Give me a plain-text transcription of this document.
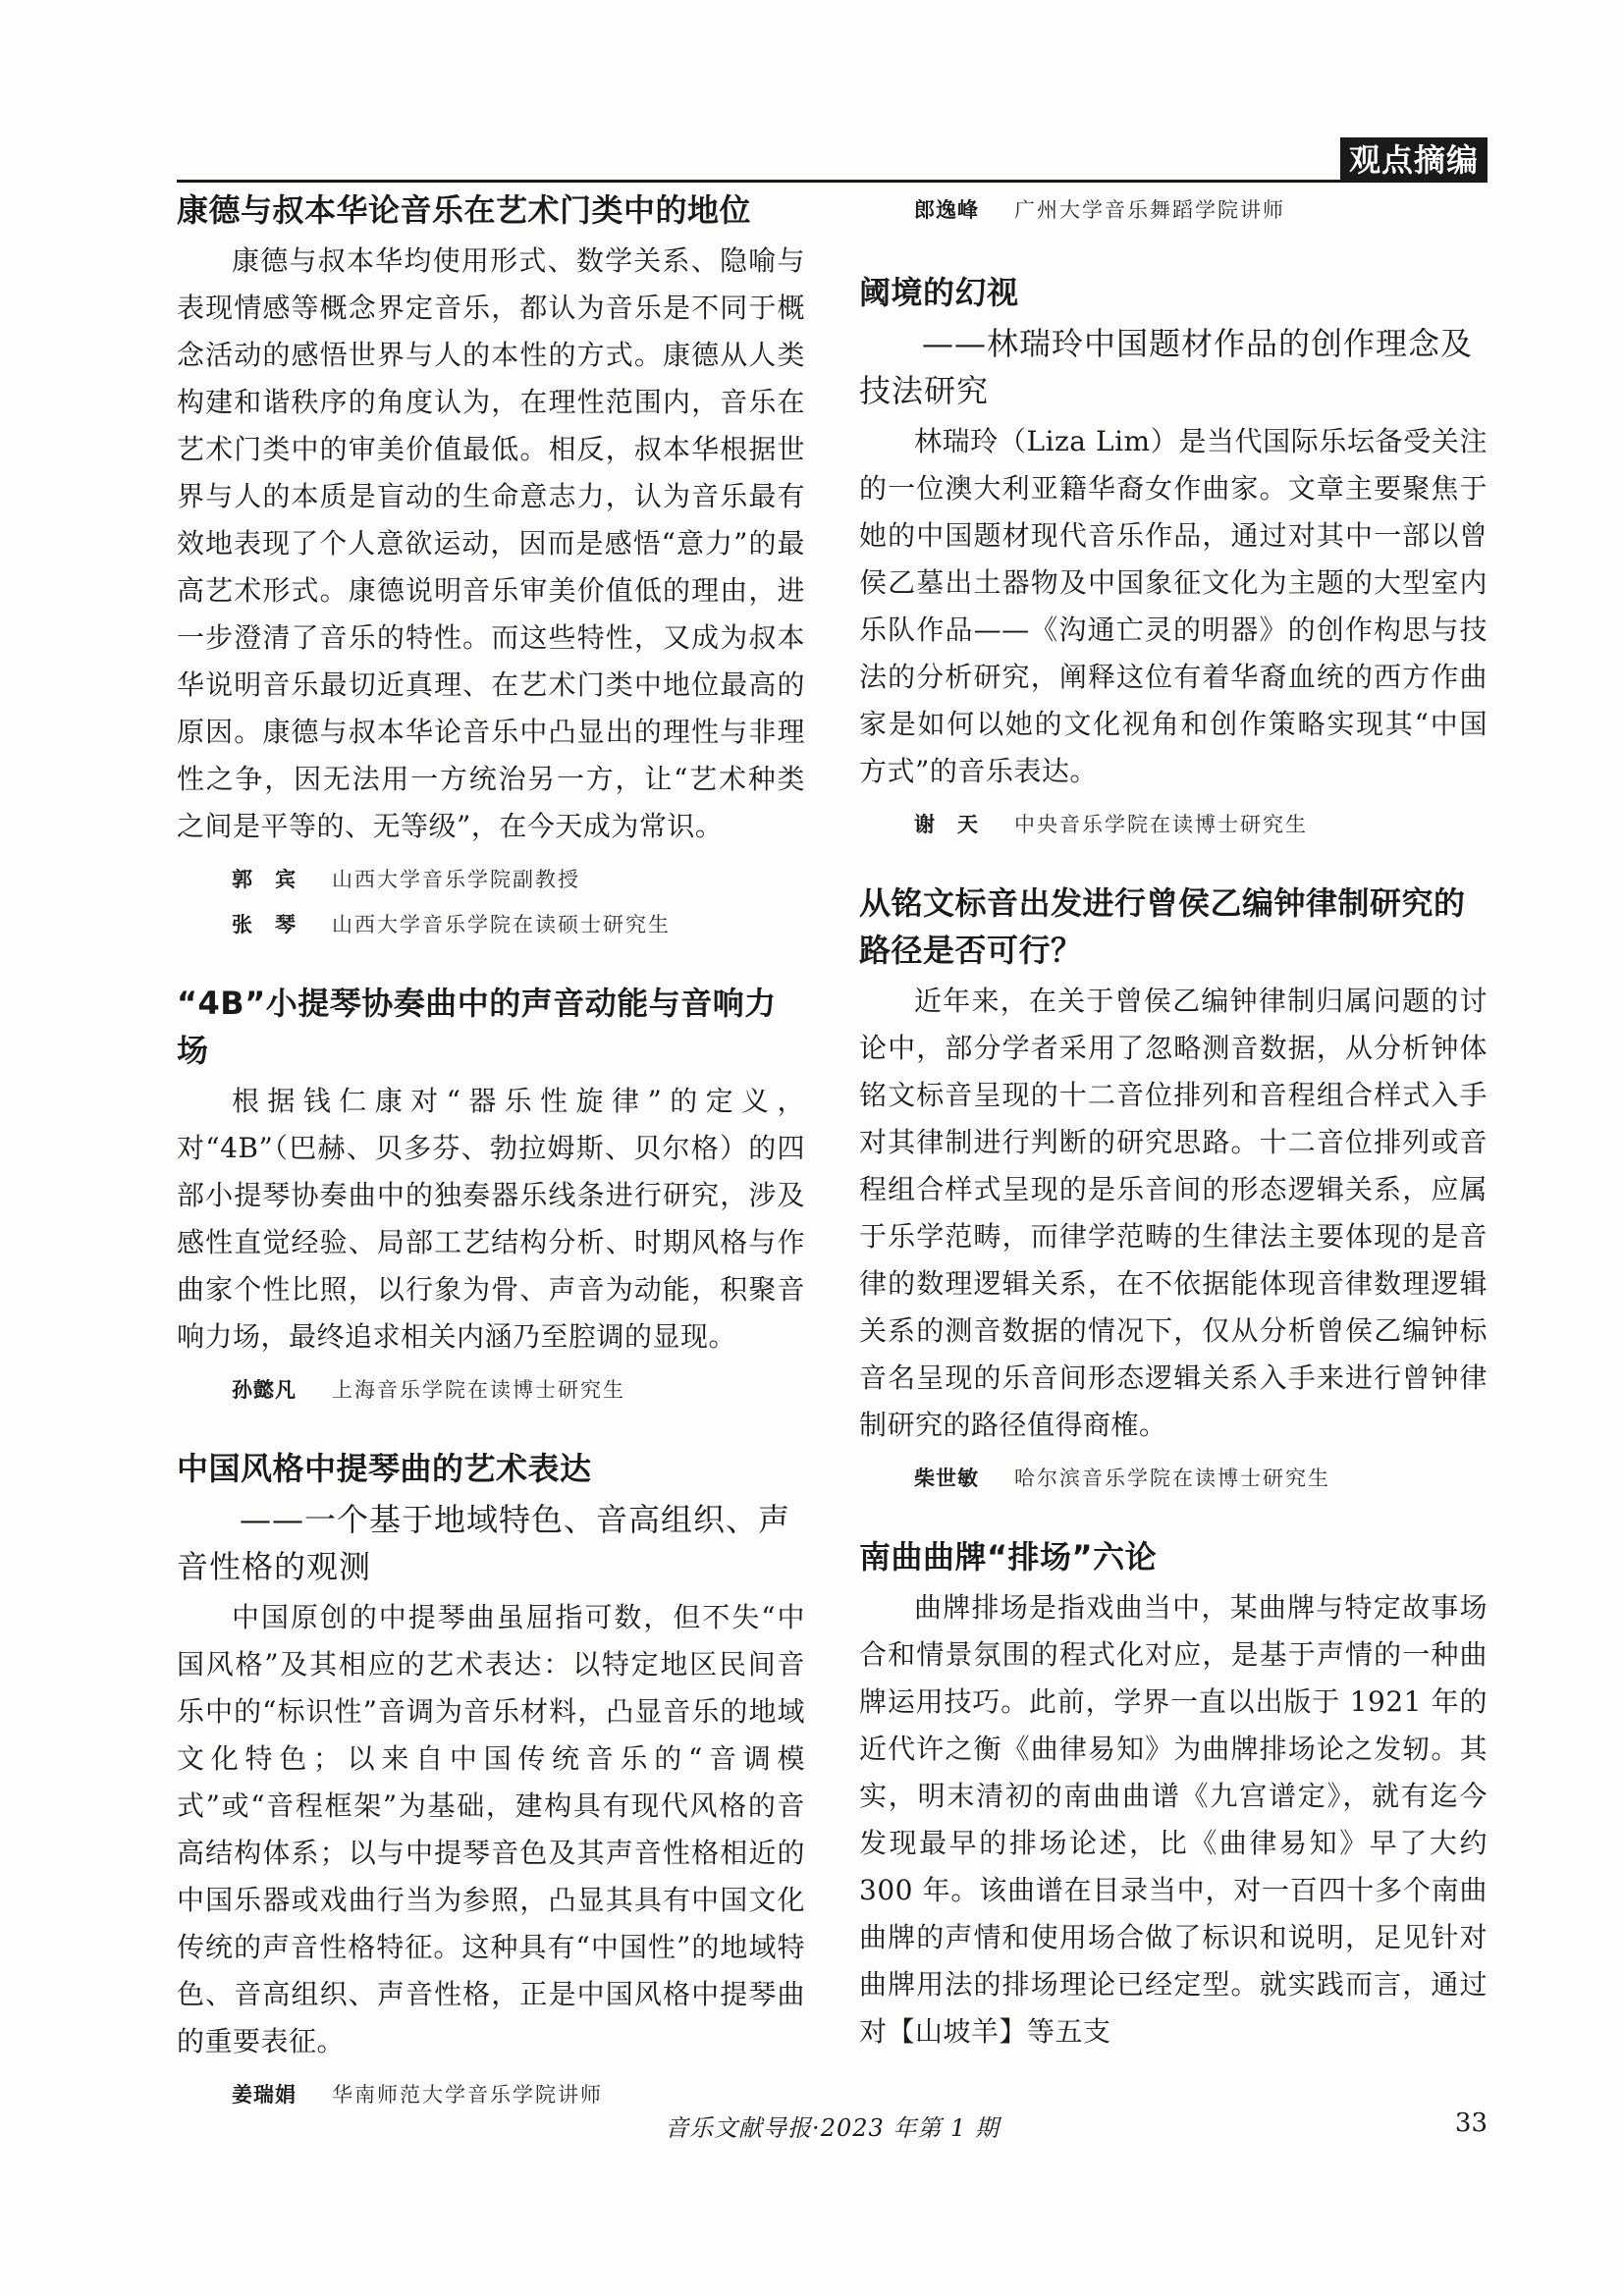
观点摘编
康德与叔本华论音乐在艺术门类中的地位

康德与叔本华均使用形式、数学关系、隐喻与表现情感等概念界定音乐，都认为音乐是不同于概念活动的感悟世界与人的本性的方式。康德从人类构建和谐秩序的角度认为，在理性范围内，音乐在艺术门类中的审美价值最低。相反，叔本华根据世界与人的本质是盲动的生命意志力，认为音乐最有效地表现了个人意欲运动，因而是感悟“意力”的最高艺术形式。康德说明音乐审美价值低的理由，进一步澄清了音乐的特性。而这些特性，又成为叔本华说明音乐最切近真理、在艺术门类中地位最高的原因。康德与叔本华论音乐中凸显出的理性与非理性之争，因无法用一方统治另一方，让“艺术种类之间是平等的、无等级”，在今天成为常识。

郭　宾	山西大学音乐学院副教授
张　琴	山西大学音乐学院在读硕士研究生
“4B”小提琴协奏曲中的声音动能与音响力场

根据钱仁康对“器乐性旋律”的定义，对“4B”（巴赫、贝多芬、勃拉姆斯、贝尔格）的四部小提琴协奏曲中的独奏器乐线条进行研究，涉及感性直觉经验、局部工艺结构分析、时期风格与作曲家个性比照，以行象为骨、声音为动能，积聚音响力场，最终追求相关内涵乃至腔调的显现。

孙懿凡	上海音乐学院在读博士研究生
中国风格中提琴曲的艺术表达

——一个基于地域特色、音高组织、声音性格的观测

中国原创的中提琴曲虽屈指可数，但不失“中国风格”及其相应的艺术表达：以特定地区民间音乐中的“标识性”音调为音乐材料，凸显音乐的地域文化特色；以来自中国传统音乐的“音调模式”或“音程框架”为基础，建构具有现代风格的音高结构体系；以与中提琴音色及其声音性格相近的中国乐器或戏曲行当为参照，凸显其具有中国文化传统的声音性格特征。这种具有“中国性”的地域特色、音高组织、声音性格，正是中国风格中提琴曲的重要表征。

姜瑞娟	华南师范大学音乐学院讲师
郎逸峰	广州大学音乐舞蹈学院讲师
阈境的幻视

——林瑞玲中国题材作品的创作理念及技法研究

林瑞玲（Liza Lim）是当代国际乐坛备受关注的一位澳大利亚籍华裔女作曲家。文章主要聚焦于她的中国题材现代音乐作品，通过对其中一部以曾侯乙墓出土器物及中国象征文化为主题的大型室内乐队作品——《沟通亡灵的明器》的创作构思与技法的分析研究，阐释这位有着华裔血统的西方作曲家是如何以她的文化视角和创作策略实现其“中国方式”的音乐表达。

谢　天	中央音乐学院在读博士研究生
从铭文标音出发进行曾侯乙编钟律制研究的路径是否可行？

近年来，在关于曾侯乙编钟律制归属问题的讨论中，部分学者采用了忽略测音数据，从分析钟体铭文标音呈现的十二音位排列和音程组合样式入手对其律制进行判断的研究思路。十二音位排列或音程组合样式呈现的是乐音间的形态逻辑关系，应属于乐学范畴，而律学范畴的生律法主要体现的是音律的数理逻辑关系，在不依据能体现音律数理逻辑关系的测音数据的情况下，仅从分析曾侯乙编钟标音名呈现的乐音间形态逻辑关系入手来进行曾钟律制研究的路径值得商榷。

柴世敏	哈尔滨音乐学院在读博士研究生
南曲曲牌“排场”六论

曲牌排场是指戏曲当中，某曲牌与特定故事场合和情景氛围的程式化对应，是基于声情的一种曲牌运用技巧。此前，学界一直以出版于 1921 年的近代许之衡《曲律易知》为曲牌排场论之发轫。其实，明末清初的南曲曲谱《九宫谱定》，就有迄今发现最早的排场论述，比《曲律易知》早了大约 300 年。该曲谱在目录当中，对一百四十多个南曲曲牌的声情和使用场合做了标识和说明，足见针对曲牌用法的排场理论已经定型。就实践而言，通过对【山坡羊】等五支

音乐文献导报·2023 年第 1 期	33
